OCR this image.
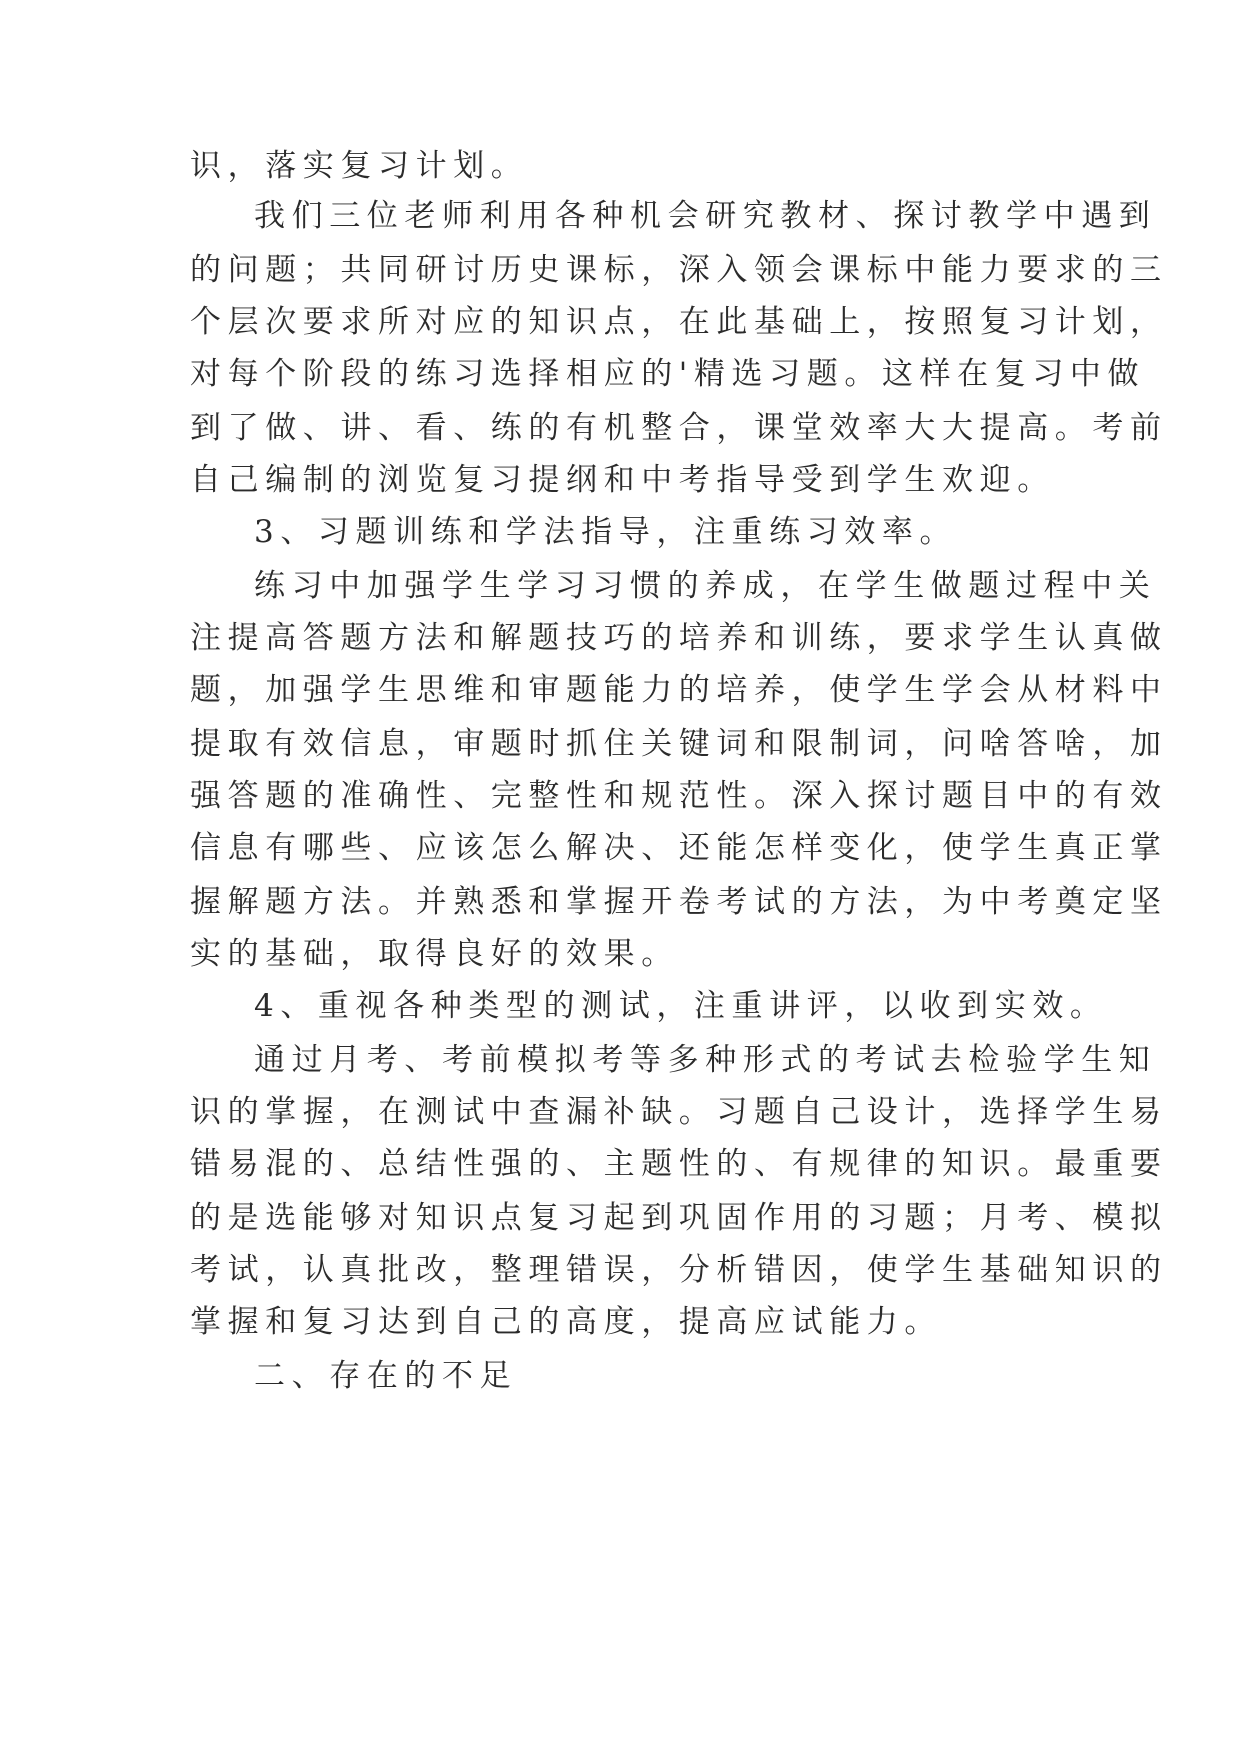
识，落实复习计划。
我们三位老师利用各种机会研究教材、探讨教学中遇到
的问题；共同研讨历史课标，深入领会课标中能力要求的三
个层次要求所对应的知识点，在此基础上，按照复习计划，
对每个阶段的练习选择相应的'精选习题。这样在复习中做
到了做、讲、看、练的有机整合，课堂效率大大提高。考前
自己编制的浏览复习提纲和中考指导受到学生欢迎。
3、习题训练和学法指导，注重练习效率。
练习中加强学生学习习惯的养成，在学生做题过程中关
注提高答题方法和解题技巧的培养和训练，要求学生认真做
题，加强学生思维和审题能力的培养，使学生学会从材料中
提取有效信息，审题时抓住关键词和限制词，问啥答啥，加
强答题的准确性、完整性和规范性。深入探讨题目中的有效
信息有哪些、应该怎么解决、还能怎样变化，使学生真正掌
握解题方法。并熟悉和掌握开卷考试的方法，为中考奠定坚
实的基础，取得良好的效果。
4、重视各种类型的测试，注重讲评，以收到实效。
通过月考、考前模拟考等多种形式的考试去检验学生知
识的掌握，在测试中查漏补缺。习题自己设计，选择学生易
错易混的、总结性强的、主题性的、有规律的知识。最重要
的是选能够对知识点复习起到巩固作用的习题；月考、模拟
考试，认真批改，整理错误，分析错因，使学生基础知识的
掌握和复习达到自己的高度，提高应试能力。
二、存在的不足
